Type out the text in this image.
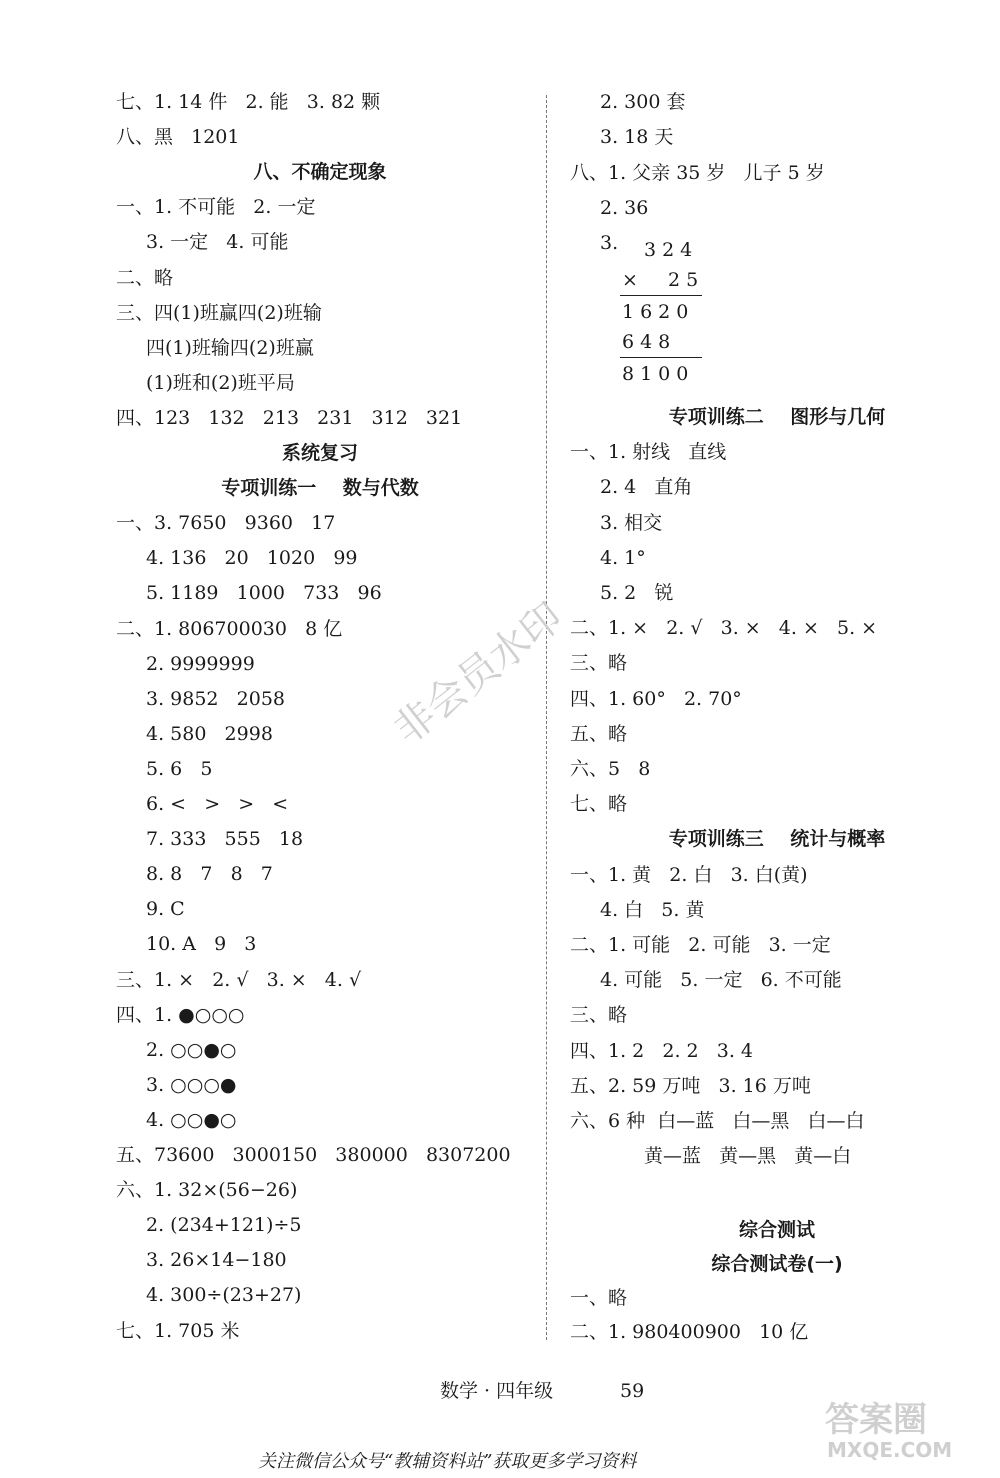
七、1. 14 件   2. 能   3. 82 颗
八、黑   1201
八、不确定现象
一、1. 不可能   2. 一定
3. 一定   4. 可能
二、略
三、四(1)班赢四(2)班输
四(1)班输四(2)班赢
(1)班和(2)班平局
四、123   132   213   231   312   321
系统复习
专项训练一    数与代数
一、3. 7650   9360   17
4. 136   20   1020   99
5. 1189   1000   733   96
二、1. 806700030   8 亿
2. 9999999
3. 9852   2058
4. 580   2998
5. 6   5
6. <   >   >   <
7. 333   555   18
8. 8   7   8   7
9. C
10. A   9   3
三、1. ×   2. √   3. ×   4. √
四、1. ●○○○
2. ○○●○
3. ○○○●
4. ○○●○
五、73600   3000150   380000   8307200
六、1. 32×(56−26)
2. (234+121)÷5
3. 26×14−180
4. 300÷(23+27)
七、1. 705 米
2. 300 套
3. 18 天
八、1. 父亲 35 岁   儿子 5 岁
2. 36
3. 324
× 25
1620
648
8100
专项训练二    图形与几何
一、1. 射线   直线
2. 4   直角
3. 相交
4. 1°
5. 2   锐
二、1. ×   2. √   3. ×   4. ×   5. ×
三、略
四、1. 60°   2. 70°
五、略
六、5   8
七、略
专项训练三    统计与概率
一、1. 黄   2. 白   3. 白(黄)
4. 白   5. 黄
二、1. 可能   2. 可能   3. 一定
4. 可能   5. 一定   6. 不可能
三、略
四、1. 2   2. 2   3. 4
五、2. 59 万吨   3. 16 万吨
六、6 种  白—蓝   白—黑   白—白
黄—蓝   黄—黑   黄—白
综合测试
综合测试卷(一)
一、略
二、1. 980400900   10 亿
数学 · 四年级	59
关注微信公众号“教辅资料站”获取更多学习资料
非会员水印
答案圈
MXQE.COM
